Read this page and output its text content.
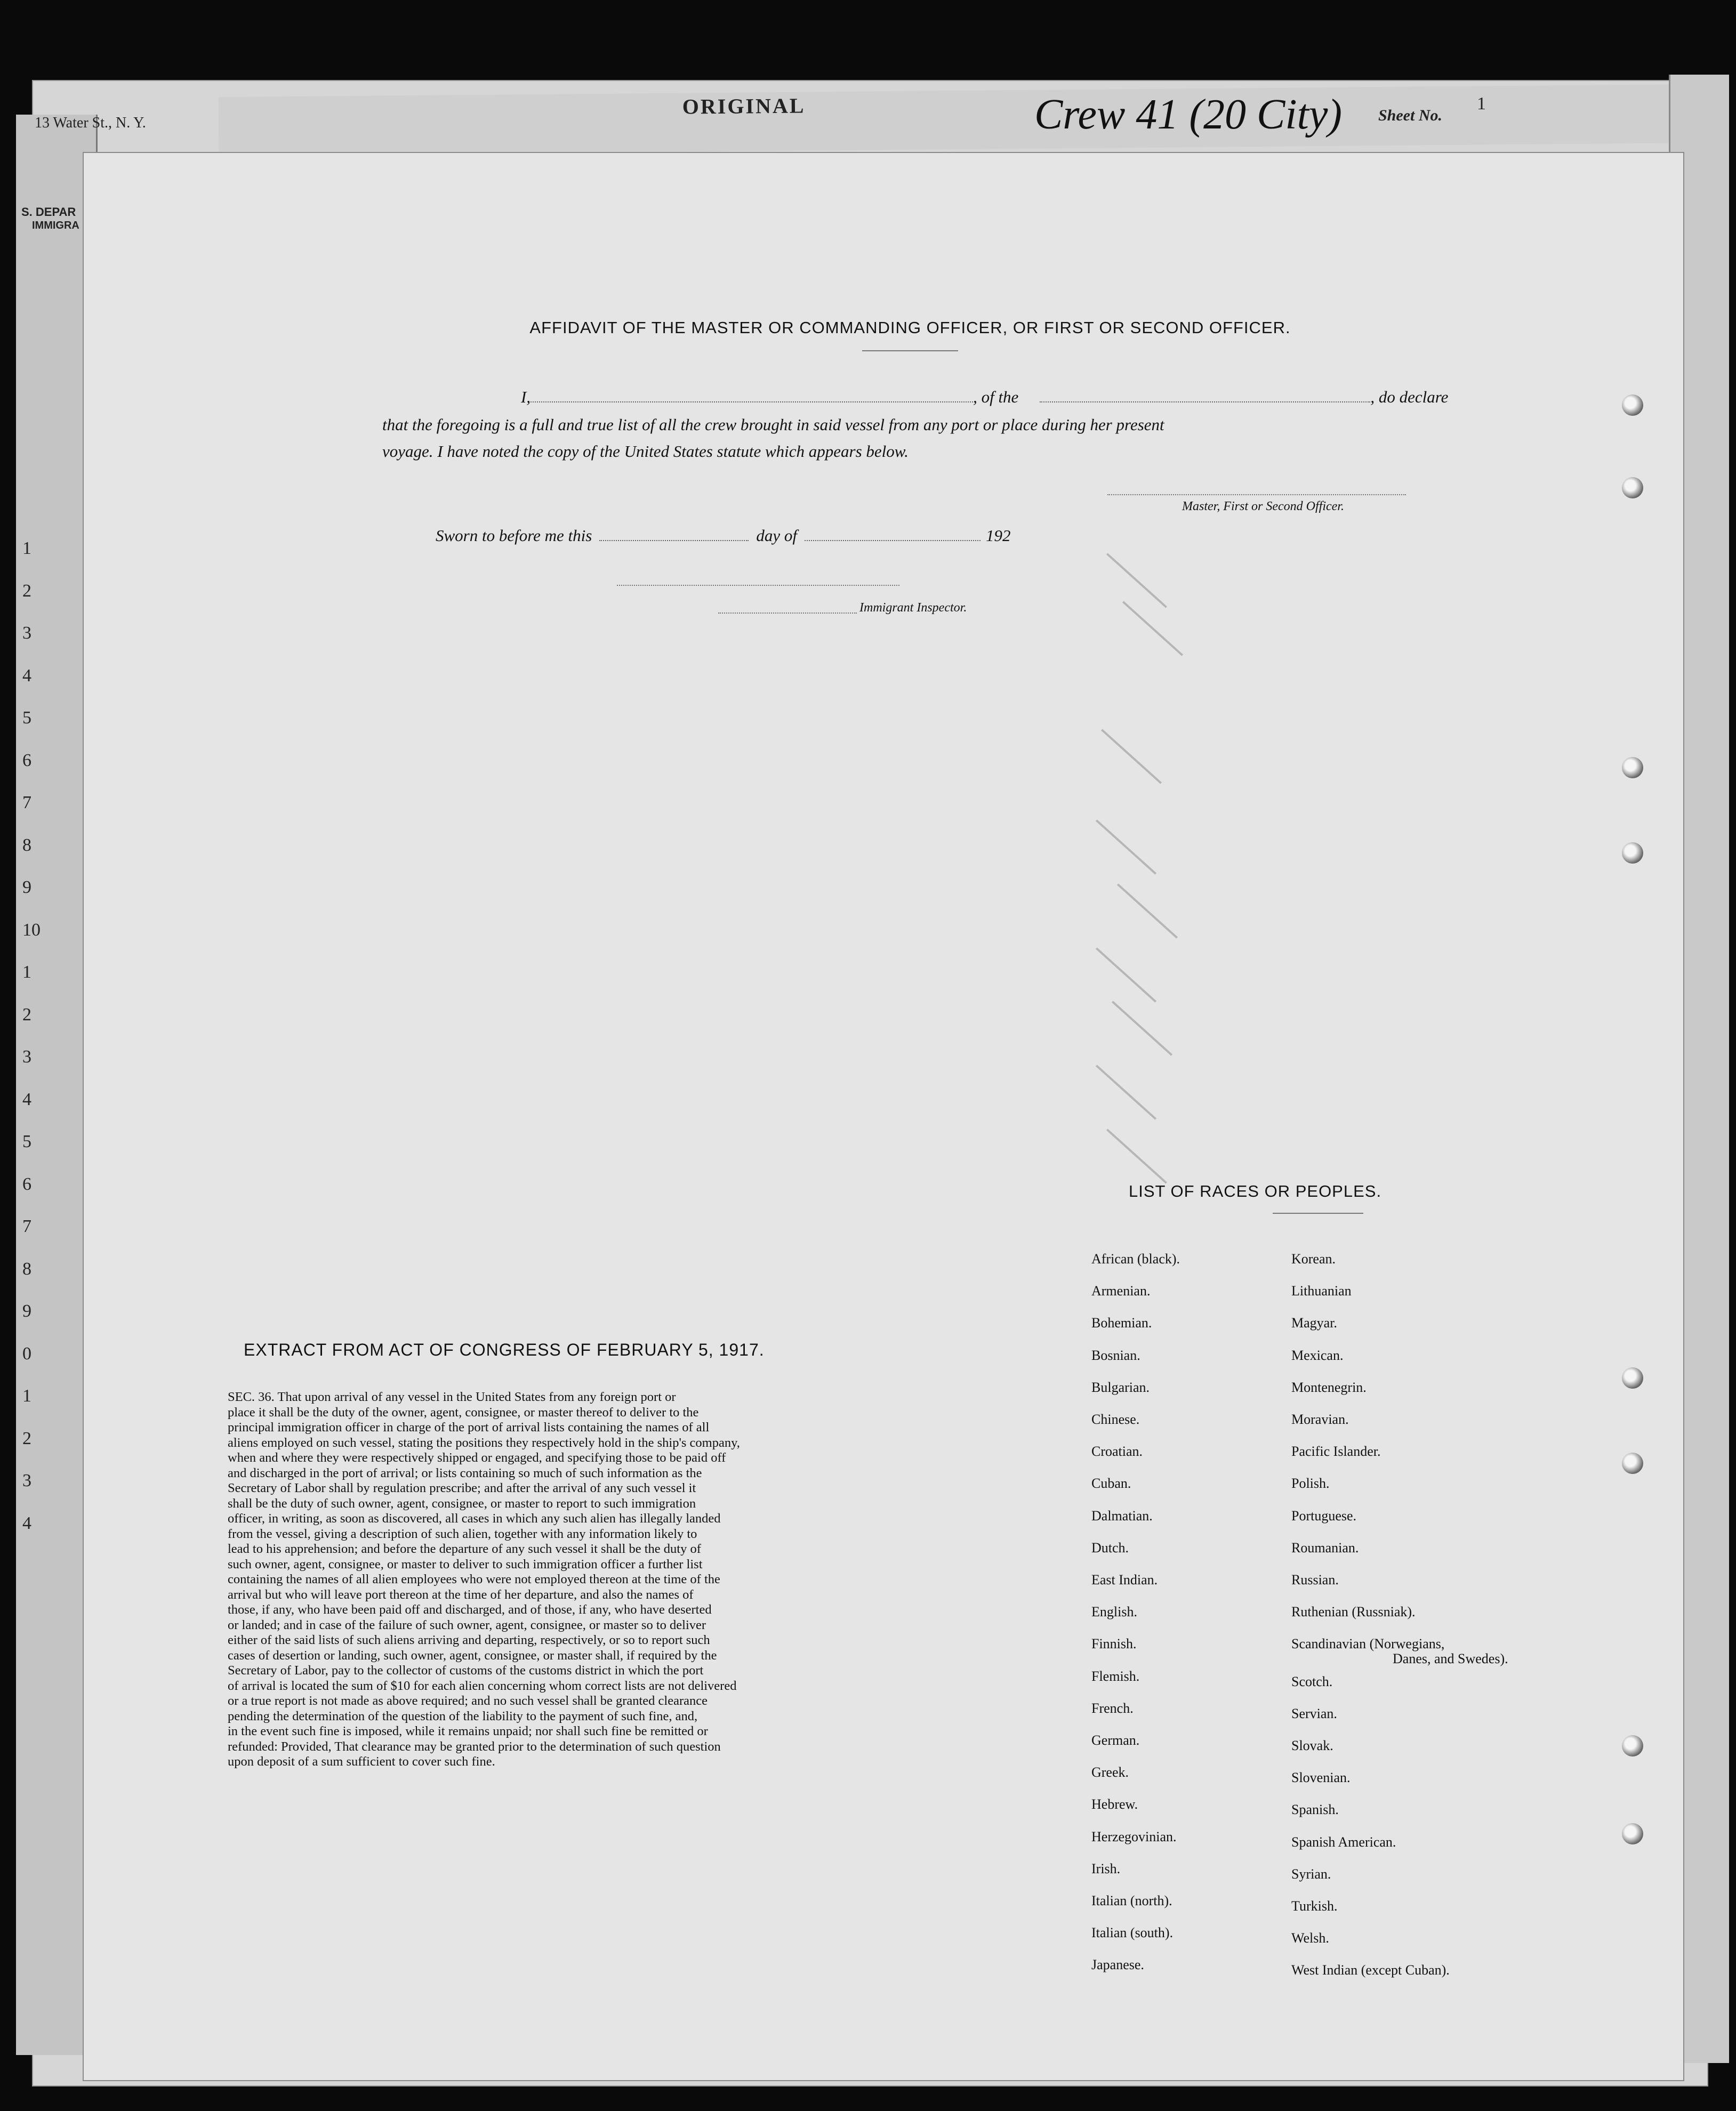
ORIGINAL
13 Water St., N. Y.	Crew 41 (20 City) Sheet No.
1
S. DEPAR
IMMIGRA
1
2
3
4
5
6
7
8
9
10
1
2
3
4
5
6
7
8
9
0
1
2
3
4
AFFIDAVIT OF THE MASTER OR COMMANDING OFFICER, OR FIRST OR SECOND OFFICER.
I,	, of the	, do declare
that the foregoing is a full and true list of all the crew brought in said vessel from any port or place during her present
voyage. I have noted the copy of the United States statute which appears below.
Master, First or Second Officer.
Sworn to before me this	day of	192
Immigrant Inspector.
EXTRACT FROM ACT OF CONGRESS OF FEBRUARY 5, 1917.
SEC. 36. That upon arrival of any vessel in the United States from any foreign port or
place it shall be the duty of the owner, agent, consignee, or master thereof to deliver to the
principal immigration officer in charge of the port of arrival lists containing the names of all
aliens employed on such vessel, stating the positions they respectively hold in the ship's company,
when and where they were respectively shipped or engaged, and specifying those to be paid off
and discharged in the port of arrival; or lists containing so much of such information as the
Secretary of Labor shall by regulation prescribe; and after the arrival of any such vessel it
shall be the duty of such owner, agent, consignee, or master to report to such immigration
officer, in writing, as soon as discovered, all cases in which any such alien has illegally landed
from the vessel, giving a description of such alien, together with any information likely to
lead to his apprehension; and before the departure of any such vessel it shall be the duty of
such owner, agent, consignee, or master to deliver to such immigration officer a further list
containing the names of all alien employees who were not employed thereon at the time of the
arrival but who will leave port thereon at the time of her departure, and also the names of
those, if any, who have been paid off and discharged, and of those, if any, who have deserted
or landed; and in case of the failure of such owner, agent, consignee, or master so to deliver
either of the said lists of such aliens arriving and departing, respectively, or so to report such
cases of desertion or landing, such owner, agent, consignee, or master shall, if required by the
Secretary of Labor, pay to the collector of customs of the customs district in which the port
of arrival is located the sum of $10 for each alien concerning whom correct lists are not delivered
or a true report is not made as above required; and no such vessel shall be granted clearance
pending the determination of the question of the liability to the payment of such fine, and,
in the event such fine is imposed, while it remains unpaid; nor shall such fine be remitted or
refunded: Provided, That clearance may be granted prior to the determination of such question
upon deposit of a sum sufficient to cover such fine.
LIST OF RACES OR PEOPLES.
African (black).
Armenian.
Bohemian.
Bosnian.
Bulgarian.
Chinese.
Croatian.
Cuban.
Dalmatian.
Dutch.
East Indian.
English.
Finnish.
Flemish.
French.
German.
Greek.
Hebrew.
Herzegovinian.
Irish.
Italian (north).
Italian (south).
Japanese.
Korean.
Lithuanian
Magyar.
Mexican.
Montenegrin.
Moravian.
Pacific Islander.
Polish.
Portuguese.
Roumanian.
Russian.
Ruthenian (Russniak).
Scandinavian (Norwegians,
Scotch.
Servian.
Slovak.
Slovenian.
Spanish.
Spanish American.
Syrian.
Turkish.
Welsh.
West Indian (except Cuban).
Danes, and Swedes).
